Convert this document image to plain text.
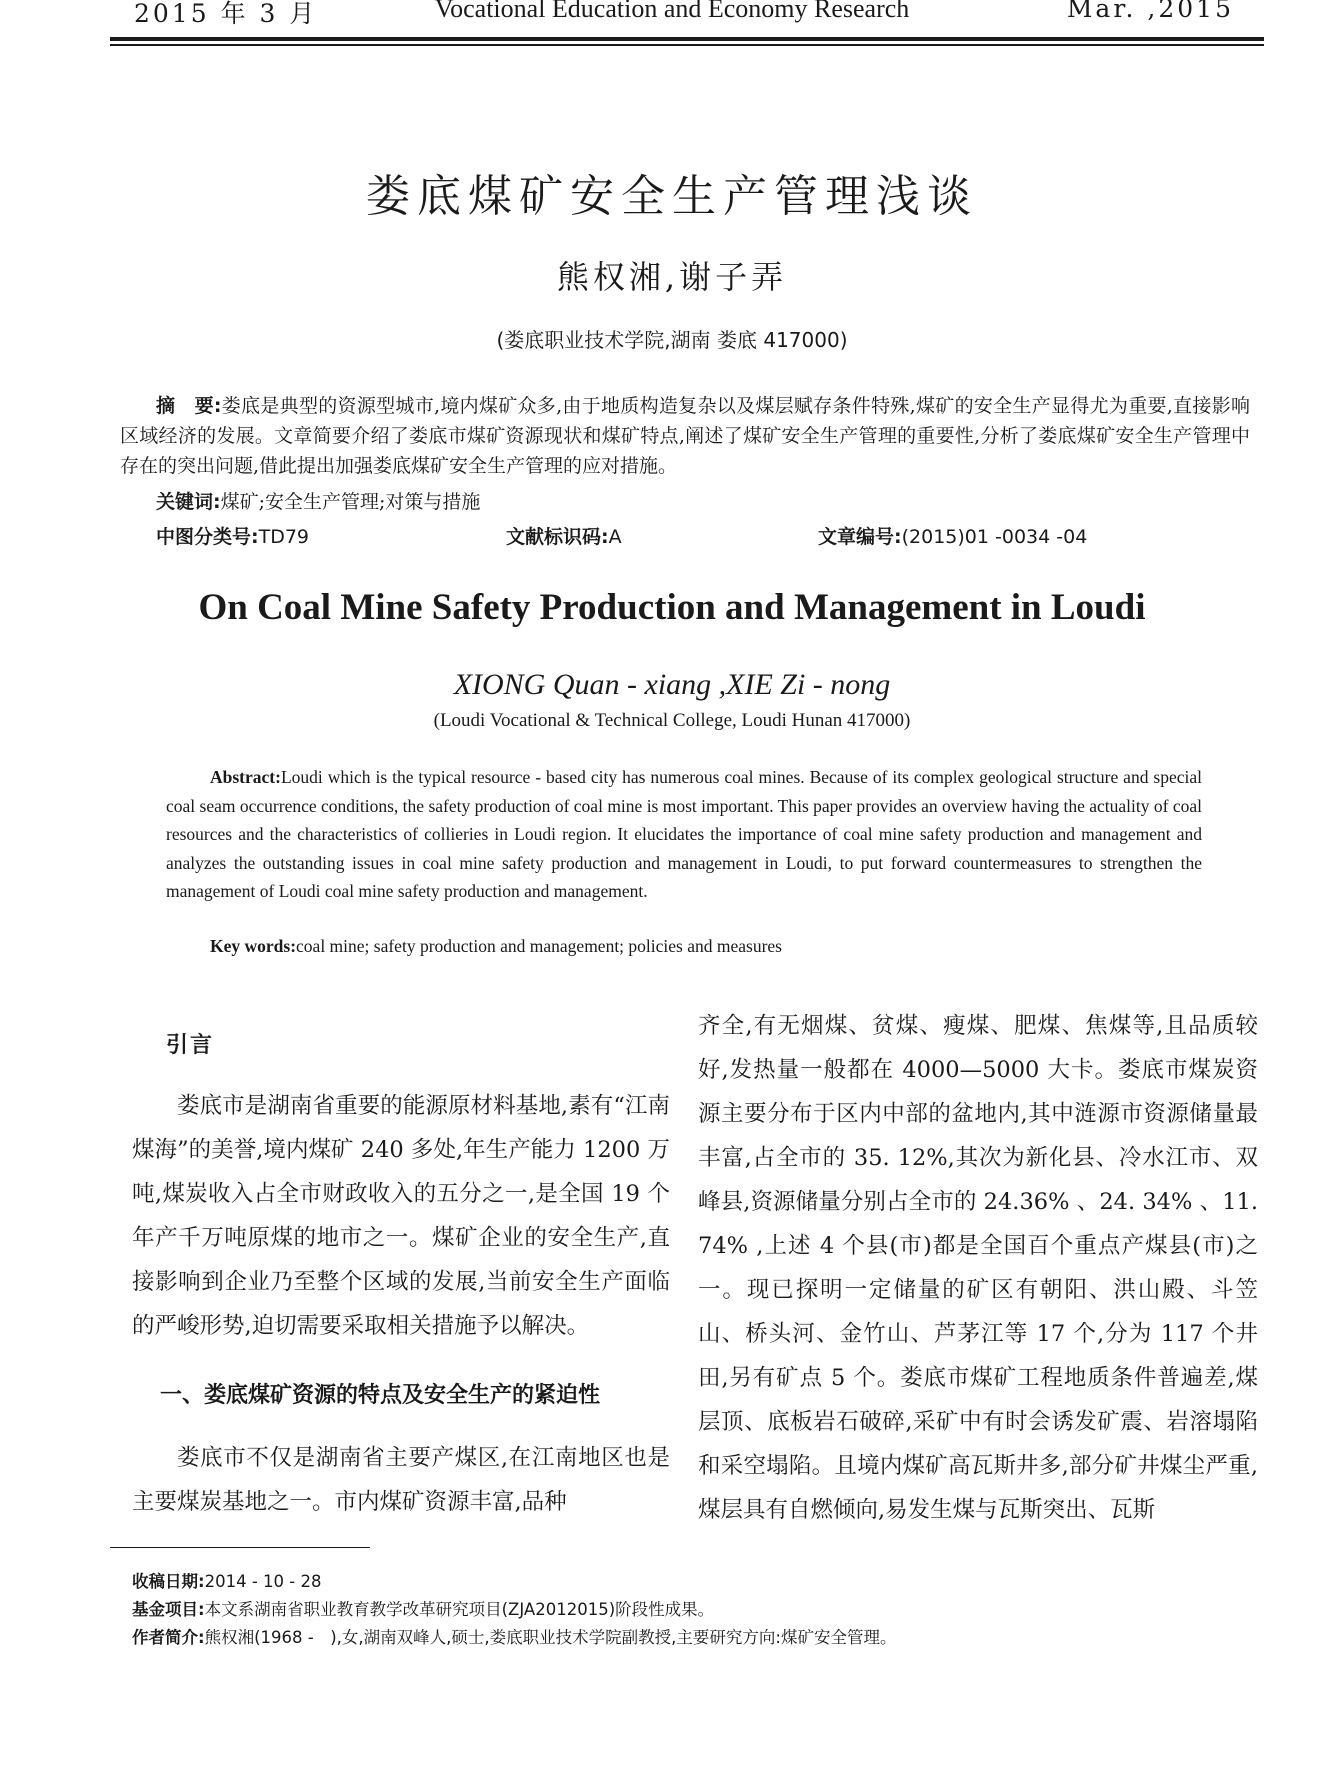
2015 年 3 月	Vocational Education and Economy Research	Mar. ,2015
娄底煤矿安全生产管理浅谈
熊权湘,谢子弄
(娄底职业技术学院,湖南 娄底 417000)
摘　要:娄底是典型的资源型城市,境内煤矿众多,由于地质构造复杂以及煤层赋存条件特殊,煤矿的安全生产显得尤为重要,直接影响区域经济的发展。文章简要介绍了娄底市煤矿资源现状和煤矿特点,阐述了煤矿安全生产管理的重要性,分析了娄底煤矿安全生产管理中存在的突出问题,借此提出加强娄底煤矿安全生产管理的应对措施。
关键词:煤矿;安全生产管理;对策与措施
中图分类号:TD79	文献标识码:A	文章编号:(2015)01 -0034 -04
On Coal Mine Safety Production and Management in Loudi
XIONG Quan - xiang ,XIE Zi - nong
(Loudi Vocational & Technical College, Loudi Hunan 417000)
Abstract:Loudi which is the typical resource - based city has numerous coal mines. Because of its complex geological structure and special coal seam occurrence conditions, the safety production of coal mine is most important. This paper provides an overview having the actuality of coal resources and the characteristics of collieries in Loudi region. It elucidates the importance of coal mine safety production and management and analyzes the outstanding issues in coal mine safety production and management in Loudi, to put forward countermeasures to strengthen the management of Loudi coal mine safety production and management.
Key words:coal mine; safety production and management; policies and measures
引言

娄底市是湖南省重要的能源原材料基地,素有“江南煤海”的美誉,境内煤矿 240 多处,年生产能力 1200 万吨,煤炭收入占全市财政收入的五分之一,是全国 19 个年产千万吨原煤的地市之一。煤矿企业的安全生产,直接影响到企业乃至整个区域的发展,当前安全生产面临的严峻形势,迫切需要采取相关措施予以解决。

一、娄底煤矿资源的特点及安全生产的紧迫性

娄底市不仅是湖南省主要产煤区,在江南地区也是主要煤炭基地之一。市内煤矿资源丰富,品种

齐全,有无烟煤、贫煤、瘦煤、肥煤、焦煤等,且品质较好,发热量一般都在 4000—5000 大卡。娄底市煤炭资源主要分布于区内中部的盆地内,其中涟源市资源储量最丰富,占全市的 35. 12%,其次为新化县、冷水江市、双峰县,资源储量分别占全市的 24.36% 、24. 34% 、11. 74% ,上述 4 个县(市)都是全国百个重点产煤县(市)之一。现已探明一定储量的矿区有朝阳、洪山殿、斗笠山、桥头河、金竹山、芦茅江等 17 个,分为 117 个井田,另有矿点 5 个。娄底市煤矿工程地质条件普遍差,煤层顶、底板岩石破碎,采矿中有时会诱发矿震、岩溶塌陷和采空塌陷。且境内煤矿高瓦斯井多,部分矿井煤尘严重,煤层具有自燃倾向,易发生煤与瓦斯突出、瓦斯

收稿日期:2014 - 10 - 28
基金项目:本文系湖南省职业教育教学改革研究项目(ZJA2012015)阶段性成果。
作者简介:熊权湘(1968 -　),女,湖南双峰人,硕士,娄底职业技术学院副教授,主要研究方向:煤矿安全管理。
